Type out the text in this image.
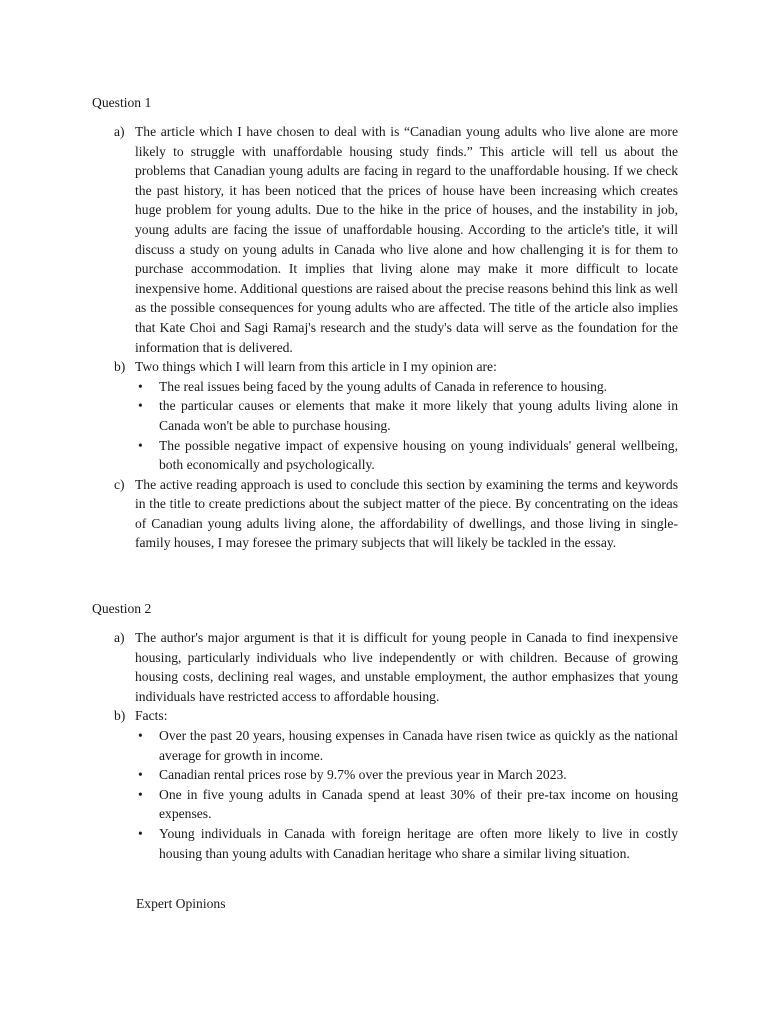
Question 1
a) The article which I have chosen to deal with is “Canadian young adults who live alone are more likely to struggle with unaffordable housing study finds.” This article will tell us about the problems that Canadian young adults are facing in regard to the unaffordable housing. If we check the past history, it has been noticed that the prices of house have been increasing which creates huge problem for young adults. Due to the hike in the price of houses, and the instability in job, young adults are facing the issue of unaffordable housing. According to the article's title, it will discuss a study on young adults in Canada who live alone and how challenging it is for them to purchase accommodation. It implies that living alone may make it more difficult to locate inexpensive home. Additional questions are raised about the precise reasons behind this link as well as the possible consequences for young adults who are affected. The title of the article also implies that Kate Choi and Sagi Ramaj's research and the study's data will serve as the foundation for the information that is delivered.

b) Two things which I will learn from this article in I my opinion are:

• The real issues being faced by the young adults of Canada in reference to housing.
• the particular causes or elements that make it more likely that young adults living alone in Canada won't be able to purchase housing.
• The possible negative impact of expensive housing on young individuals' general wellbeing, both economically and psychologically.
c) The active reading approach is used to conclude this section by examining the terms and keywords in the title to create predictions about the subject matter of the piece. By concentrating on the ideas of Canadian young adults living alone, the affordability of dwellings, and those living in single-family houses, I may foresee the primary subjects that will likely be tackled in the essay.

Question 2
a) The author's major argument is that it is difficult for young people in Canada to find inexpensive housing, particularly individuals who live independently or with children. Because of growing housing costs, declining real wages, and unstable employment, the author emphasizes that young individuals have restricted access to affordable housing.

b) Facts:

• Over the past 20 years, housing expenses in Canada have risen twice as quickly as the national average for growth in income.
• Canadian rental prices rose by 9.7% over the previous year in March 2023.
• One in five young adults in Canada spend at least 30% of their pre-tax income on housing expenses.
• Young individuals in Canada with foreign heritage are often more likely to live in costly housing than young adults with Canadian heritage who share a similar living situation.

Expert Opinions
